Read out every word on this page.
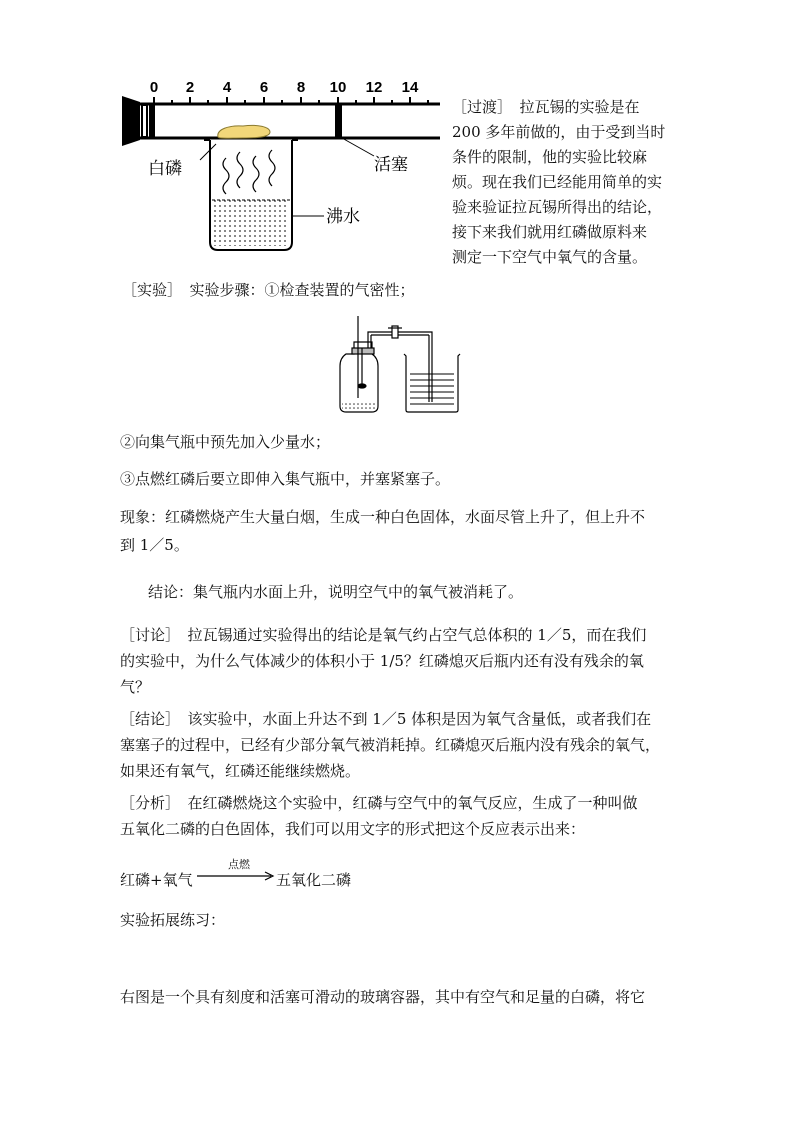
0 2 4 6 8 10 12 14
白磷	活塞
沸水
［过渡］　拉瓦锡的实验是在
200 多年前做的，由于受到当时
条件的限制，他的实验比较麻
烦。现在我们已经能用简单的实
验来验证拉瓦锡所得出的结论，
接下来我们就用红磷做原料来
测定一下空气中氧气的含量。
［实验］　实验步骤：①检查装置的气密性；
②向集气瓶中预先加入少量水；
③点燃红磷后要立即伸入集气瓶中，并塞紧塞子。
现象：红磷燃烧产生大量白烟，生成一种白色固体，水面尽管上升了，但上升不
到 1／5。
结论：集气瓶内水面上升，说明空气中的氧气被消耗了。
［讨论］　拉瓦锡通过实验得出的结论是氧气约占空气总体积的 1／5，而在我们
的实验中，为什么气体减少的体积小于 1/5？红磷熄灭后瓶内还有没有残余的氧
气？
［结论］　该实验中，水面上升达不到 1／5 体积是因为氧气含量低，或者我们在
塞塞子的过程中，已经有少部分氧气被消耗掉。红磷熄灭后瓶内没有残余的氧气，
如果还有氧气，红磷还能继续燃烧。
［分析］　在红磷燃烧这个实验中，红磷与空气中的氧气反应，生成了一种叫做
五氧化二磷的白色固体，我们可以用文字的形式把这个反应表示出来：
红磷+氧气
点燃
五氧化二磷
实验拓展练习：
右图是一个具有刻度和活塞可滑动的玻璃容器，其中有空气和足量的白磷，将它
